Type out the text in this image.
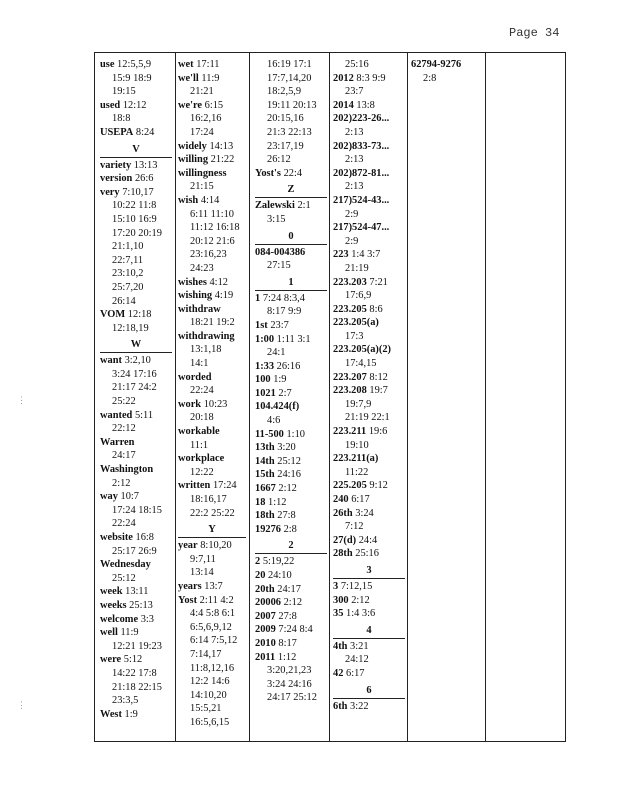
Page 34
use 12:5,5,9
15:9 18:9
19:15
used 12:12
18:8
USEPA 8:24
V
variety 13:13
version 26:6
very 7:10,17
10:22 11:8
15:10 16:9
17:20 20:19
21:1,10
22:7,11
23:10,2
25:7,20
26:14
VOM 12:18
12:18,19
W
want 3:2,10
3:24 17:16
21:17 24:2
25:22
wanted 5:11
22:12
Warren
24:17
Washington
2:12
way 10:7
17:24 18:15
22:24
website 16:8
25:17 26:9
Wednesday
25:12
week 13:11
weeks 25:13
welcome 3:3
well 11:9
12:21 19:23
were 5:12
14:22 17:8
21:18 22:15
23:3,5
West 1:9
wet 17:11
we'll 11:9
21:21
we're 6:15
16:2,16
17:24
widely 14:13
willing 21:22
willingness
21:15
wish 4:14
6:11 11:10
11:12 16:18
20:12 21:6
23:16,23
24:23
wishes 4:12
wishing 4:19
withdraw
18:21 19:2
withdrawing
13:1,18
14:1
worded
22:24
work 10:23
20:18
workable
11:1
workplace
12:22
written 17:24
18:16,17
22:2 25:22
Y
year 8:10,20
9:7,11
13:14
years 13:7
Yost 2:11 4:2
4:4 5:8 6:1
6:5,6,9,12
6:14 7:5,12
7:14,17
11:8,12,16
12:2 14:6
14:10,20
15:5,21
16:5,6,15
16:19 17:1
17:7,14,20
18:2,5,9
19:11 20:13
20:15,16
21:3 22:13
23:17,19
26:12
Yost's 22:4
Z
Zalewski 2:1
3:15
0
084-004386
27:15
1
1 7:24 8:3,4
8:17 9:9
1st 23:7
1:00 1:11 3:1
24:1
1:33 26:16
100 1:9
1021 2:7
104.424(f)
4:6
11-500 1:10
13th 3:20
14th 25:12
15th 24:16
1667 2:12
18 1:12
18th 27:8
19276 2:8
2
2 5:19,22
20 24:10
20th 24:17
20006 2:12
2007 27:8
2009 7:24 8:4
2010 8:17
2011 1:12
3:20,21,23
3:24 24:16
24:17 25:12
25:16
2012 8:3 9:9
23:7
2014 13:8
202)223-26...
2:13
202)833-73...
2:13
202)872-81...
2:13
217)524-43...
2:9
217)524-47...
2:9
223 1:4 3:7
21:19
223.203 7:21
17:6,9
223.205 8:6
223.205(a)
17:3
223.205(a)(2)
17:4,15
223.207 8:12
223.208 19:7
19:7,9
21:19 22:1
223.211 19:6
19:10
223.211(a)
11:22
225.205 9:12
240 6:17
26th 3:24
7:12
27(d) 24:4
28th 25:16
3
3 7:12,15
300 2:12
35 1:4 3:6
4
4th 3:21
24:12
42 6:17
6
6th 3:22
62794-9276
2:8
⋮
⋮
